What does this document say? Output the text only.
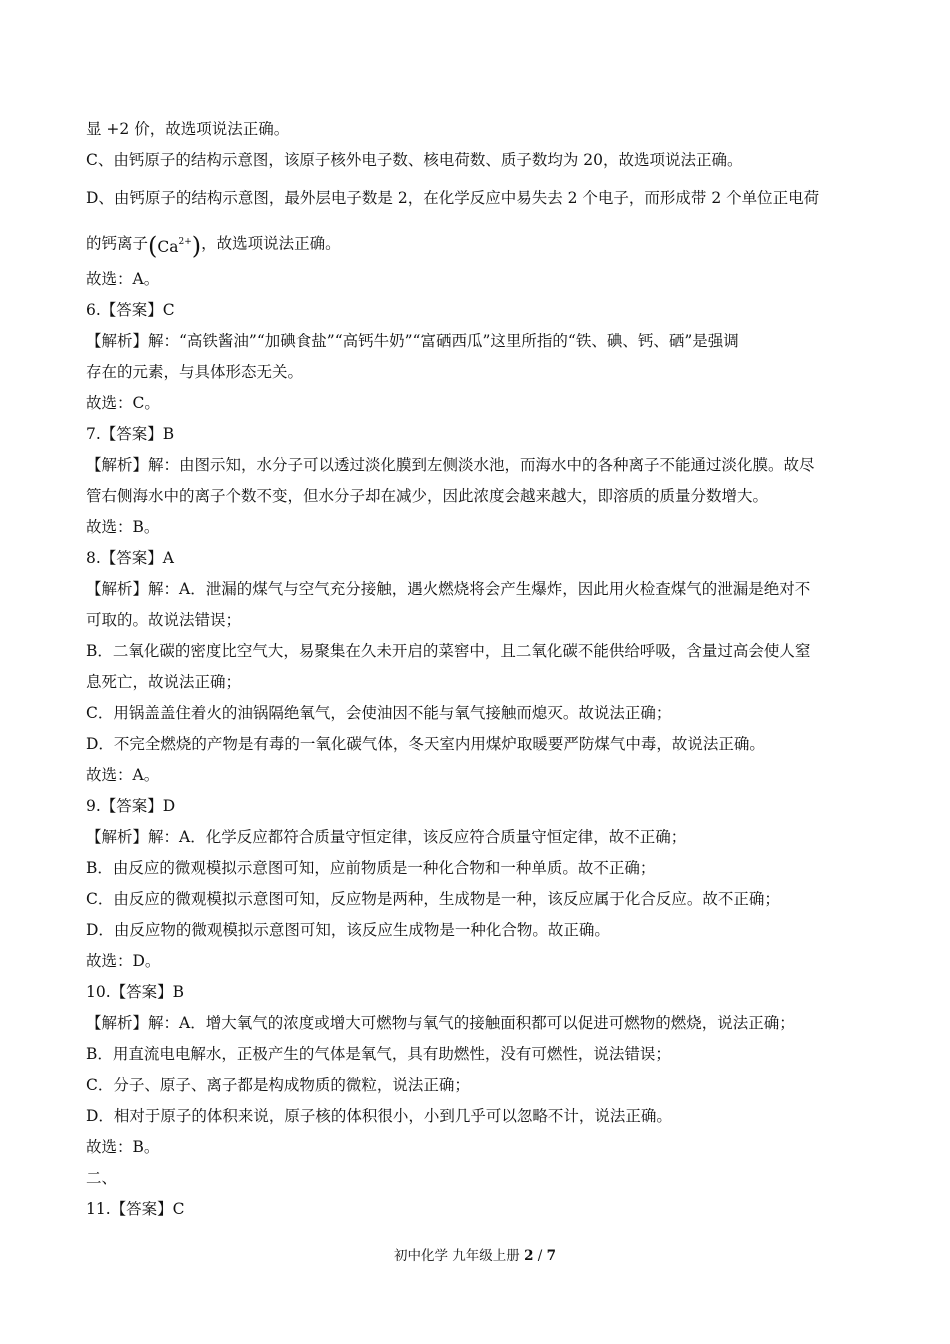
显 +2 价，故选项说法正确。
C、由钙原子的结构示意图，该原子核外电子数、核电荷数、质子数均为 20，故选项说法正确。
D、由钙原子的结构示意图，最外层电子数是 2，在化学反应中易失去 2 个电子，而形成带 2 个单位正电荷
的钙离子$(Ca^{2+})$，故选项说法正确。
故选：A。
6.【答案】C
【解析】解：“高铁酱油”“加碘食盐”“高钙牛奶”“富硒西瓜”这里所指的“铁、碘、钙、硒”是强调
存在的元素，与具体形态无关。
故选：C。
7.【答案】B
【解析】解：由图示知，水分子可以透过淡化膜到左侧淡水池，而海水中的各种离子不能通过淡化膜。故尽
管右侧海水中的离子个数不变，但水分子却在减少，因此浓度会越来越大，即溶质的质量分数增大。
故选：B。
8.【答案】A
【解析】解：A．泄漏的煤气与空气充分接触，遇火燃烧将会产生爆炸，因此用火检查煤气的泄漏是绝对不
可取的。故说法错误；
B．二氧化碳的密度比空气大，易聚集在久未开启的菜窖中，且二氧化碳不能供给呼吸，含量过高会使人窒
息死亡，故说法正确；
C．用锅盖盖住着火的油锅隔绝氧气，会使油因不能与氧气接触而熄灭。故说法正确；
D．不完全燃烧的产物是有毒的一氧化碳气体，冬天室内用煤炉取暖要严防煤气中毒，故说法正确。
故选：A。
9.【答案】D
【解析】解：A．化学反应都符合质量守恒定律，该反应符合质量守恒定律，故不正确；
B．由反应的微观模拟示意图可知，应前物质是一种化合物和一种单质。故不正确；
C．由反应的微观模拟示意图可知，反应物是两种，生成物是一种，该反应属于化合反应。故不正确；
D．由反应物的微观模拟示意图可知，该反应生成物是一种化合物。故正确。
故选：D。
10.【答案】B
【解析】解：A．增大氧气的浓度或增大可燃物与氧气的接触面积都可以促进可燃物的燃烧，说法正确；
B．用直流电电解水，正极产生的气体是氧气，具有助燃性，没有可燃性，说法错误；
C．分子、原子、离子都是构成物质的微粒，说法正确；
D．相对于原子的体积来说，原子核的体积很小，小到几乎可以忽略不计，说法正确。
故选：B。
二、
11.【答案】C
初中化学 九年级上册 2 / 7
